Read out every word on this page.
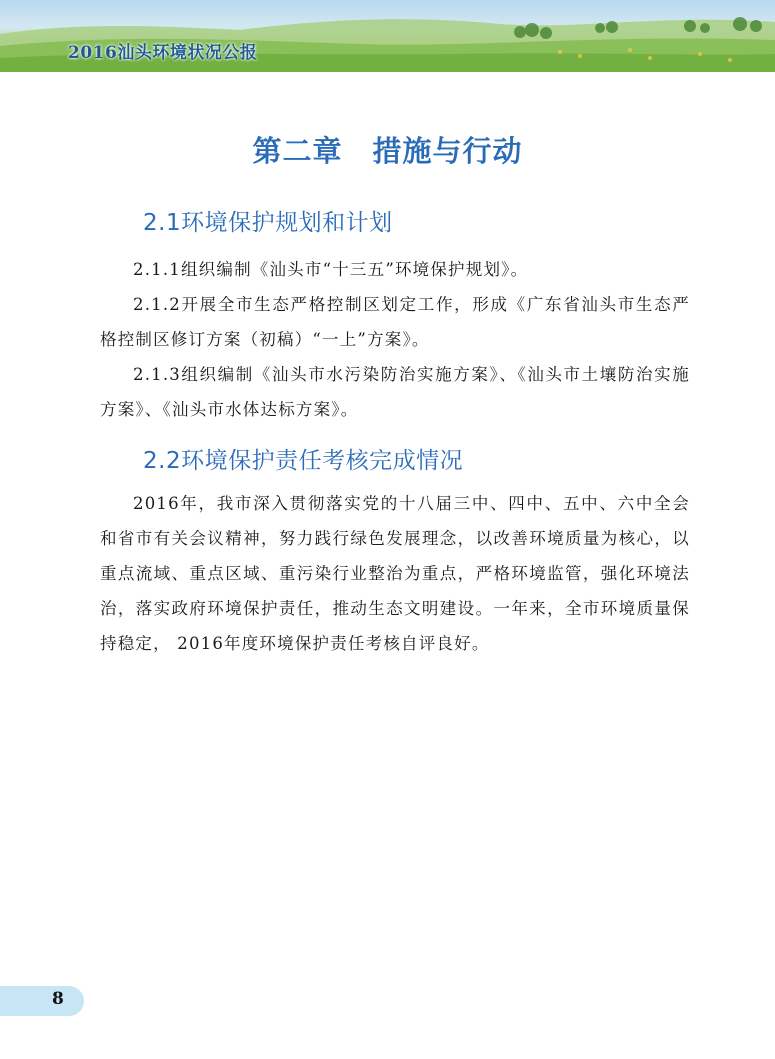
2016汕头环境状况公报
第二章　措施与行动
2.1环境保护规划和计划

2.1.1组织编制《汕头市“十三五”环境保护规划》。

2.1.2开展全市生态严格控制区划定工作，形成《广东省汕头市生态严格控制区修订方案（初稿）“一上”方案》。

2.1.3组织编制《汕头市水污染防治实施方案》、《汕头市土壤防治实施方案》、《汕头市水体达标方案》。

2.2环境保护责任考核完成情况

2016年，我市深入贯彻落实党的十八届三中、四中、五中、六中全会和省市有关会议精神，努力践行绿色发展理念，以改善环境质量为核心，以重点流域、重点区域、重污染行业整治为重点，严格环境监管，强化环境法治，落实政府环境保护责任，推动生态文明建设。一年来，全市环境质量保持稳定， 2016年度环境保护责任考核自评良好。

8
